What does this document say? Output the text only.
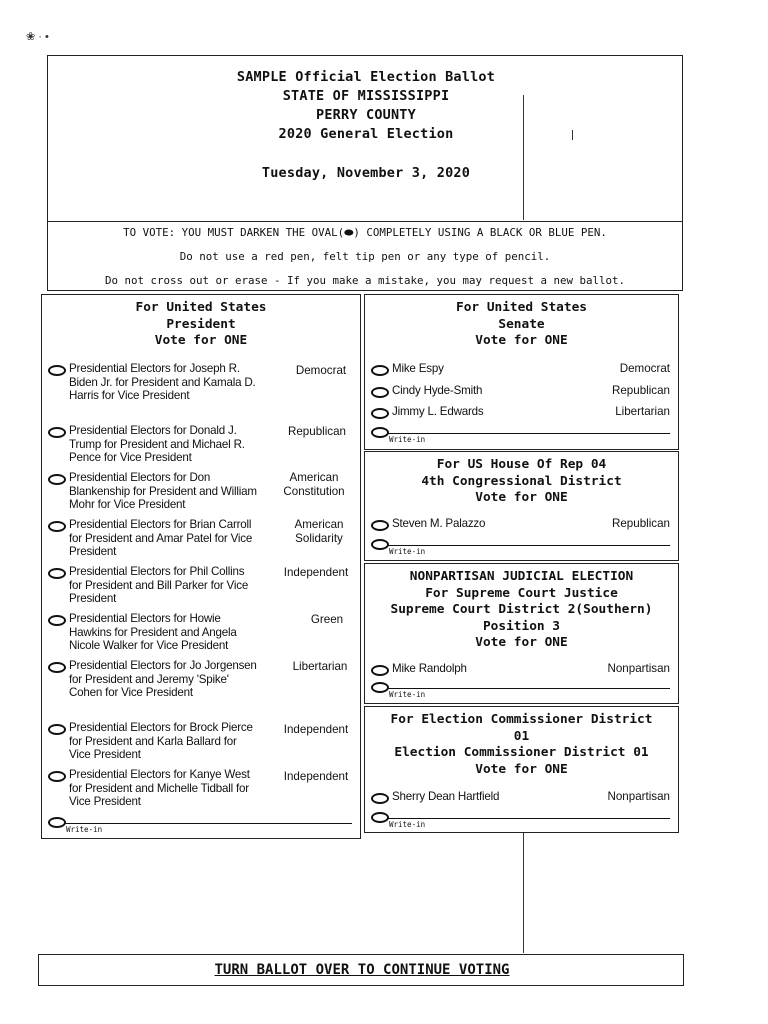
❀ · •
SAMPLE Official Election Ballot
STATE OF MISSISSIPPI
PERRY COUNTY
2020 General Election
Tuesday, November 3, 2020
TO VOTE: YOU MUST DARKEN THE OVAL(⬬) COMPLETELY USING A BLACK OR BLUE PEN.
Do not use a red pen, felt tip pen or any type of pencil.
Do not cross out or erase - If you make a mistake, you may request a new ballot.
For United States
President
Vote for ONE
Presidential Electors for Joseph R. Biden Jr. for President and Kamala D. Harris for Vice President
Democrat
Presidential Electors for Donald J. Trump for President and Michael R. Pence for Vice President
Republican
Presidential Electors for Don Blankenship for President and William Mohr for Vice President
American Constitution
Presidential Electors for Brian Carroll for President and Amar Patel for Vice President
American Solidarity
Presidential Electors for Phil Collins for President and Bill Parker for Vice President
Independent
Presidential Electors for Howie Hawkins for President and Angela Nicole Walker for Vice President
Green
Presidential Electors for Jo Jorgensen for President and Jeremy 'Spike' Cohen for Vice President
Libertarian
Presidential Electors for Brock Pierce for President and Karla Ballard for Vice President
Independent
Presidential Electors for Kanye West for President and Michelle Tidball for Vice President
Independent
Write-in
For United States
Senate
Vote for ONE
Mike Espy	Democrat
Cindy Hyde-Smith	Republican
Jimmy L. Edwards	Libertarian
Write-in
For US House Of Rep 04
4th Congressional District
Vote for ONE
Steven M. Palazzo	Republican
Write-in
NONPARTISAN JUDICIAL ELECTION
For Supreme Court Justice
Supreme Court District 2(Southern)
Position 3
Vote for ONE
Mike Randolph	Nonpartisan
Write-in
For Election Commissioner District
01
Election Commissioner District 01
Vote for ONE
Sherry Dean Hartfield	Nonpartisan
Write-in
TURN BALLOT OVER TO CONTINUE VOTING
